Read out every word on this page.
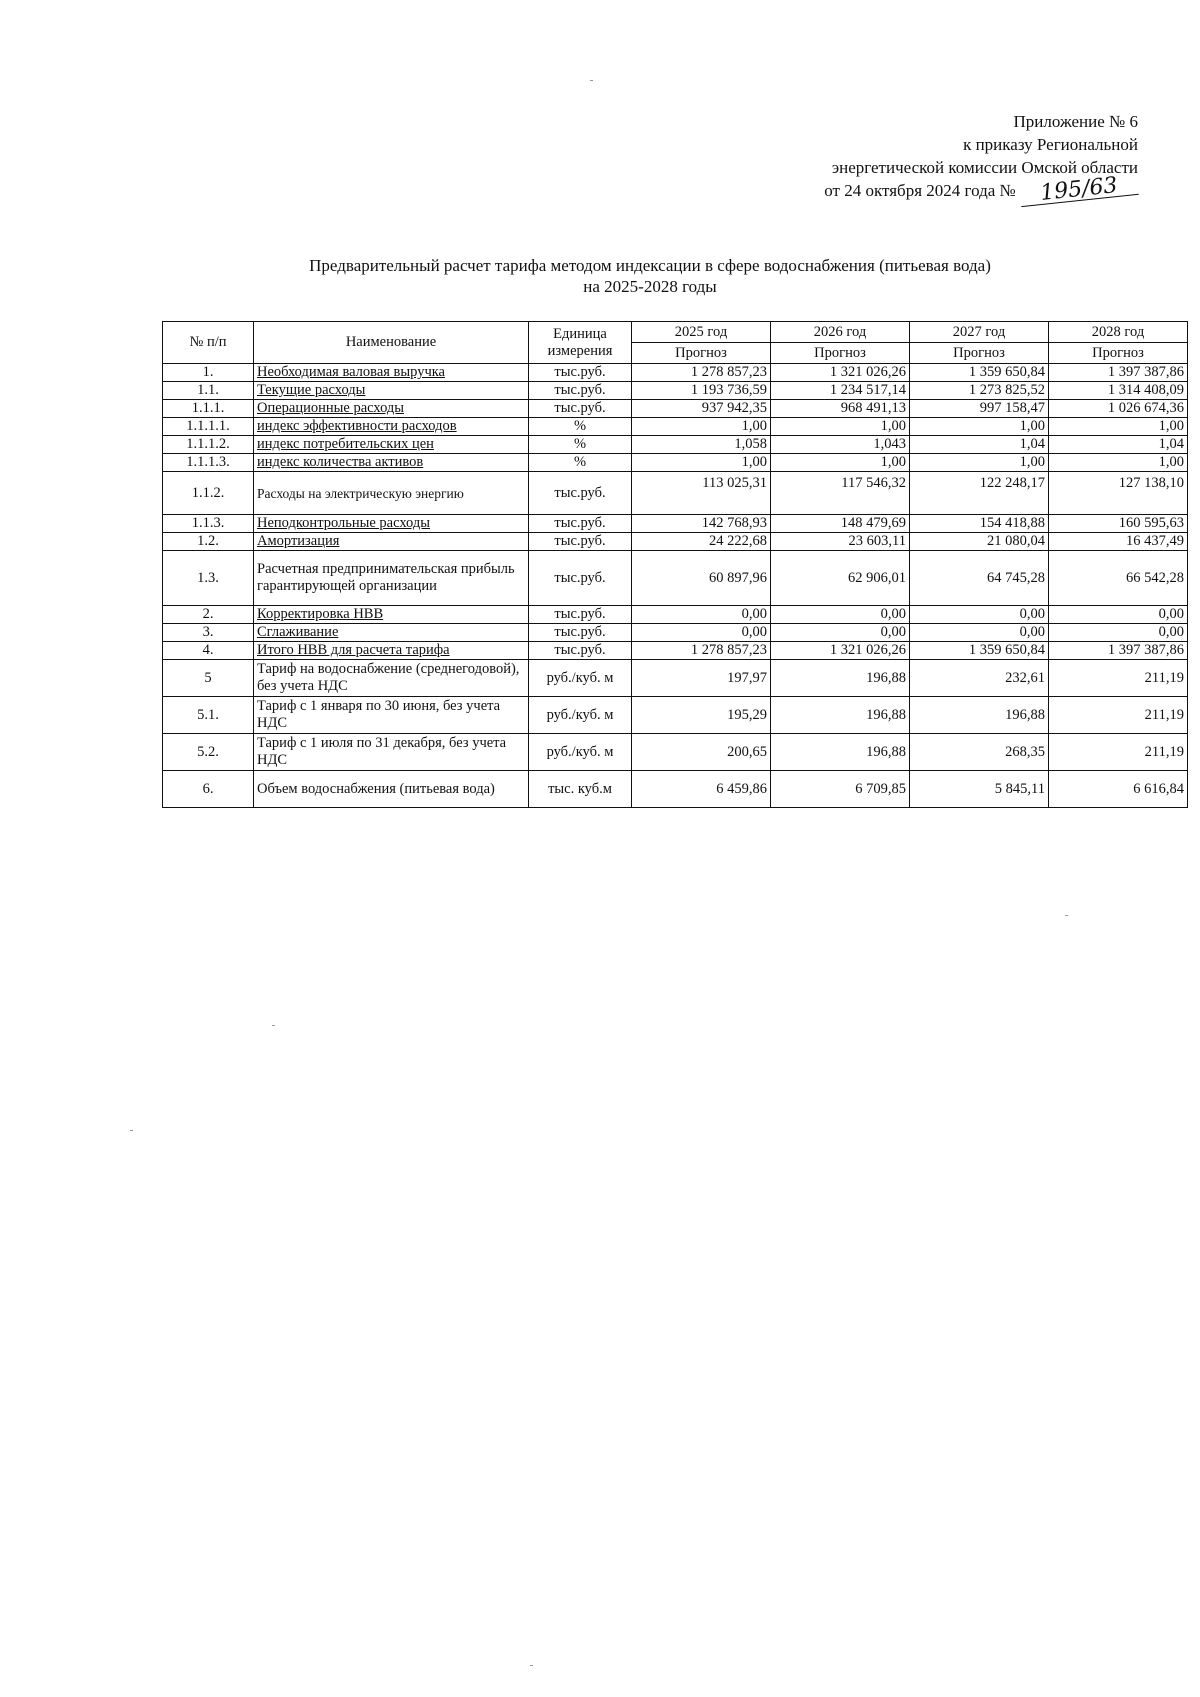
Приложение № 6
к приказу Региональной
энергетической комиссии Омской области
от 24 октября 2024 года № 195/63
Предварительный расчет тарифа методом индексации в сфере водоснабжения (питьевая вода)
на 2025-2028 годы
№ п/п	Наименование	Единица измерения	2025 год	2026 год	2027 год	2028 год
			Прогноз	Прогноз	Прогноз	Прогноз
1.	Необходимая валовая выручка	тыс.руб.	1 278 857,23	1 321 026,26	1 359 650,84	1 397 387,86
1.1.	Текущие расходы	тыс.руб.	1 193 736,59	1 234 517,14	1 273 825,52	1 314 408,09
1.1.1.	Операционные расходы	тыс.руб.	937 942,35	968 491,13	997 158,47	1 026 674,36
1.1.1.1.	индекс эффективности расходов	%	1,00	1,00	1,00	1,00
1.1.1.2.	индекс потребительских цен	%	1,058	1,043	1,04	1,04
1.1.1.3.	индекс количества активов	%	1,00	1,00	1,00	1,00
1.1.2.	Расходы на электрическую энергию	тыс.руб.	113 025,31	117 546,32	122 248,17	127 138,10
1.1.3.	Неподконтрольные расходы	тыс.руб.	142 768,93	148 479,69	154 418,88	160 595,63
1.2.	Амортизация	тыс.руб.	24 222,68	23 603,11	21 080,04	16 437,49
1.3.	Расчетная предпринимательская прибыль гарантирующей организации	тыс.руб.	60 897,96	62 906,01	64 745,28	66 542,28
2.	Корректировка НВВ	тыс.руб.	0,00	0,00	0,00	0,00
3.	Сглаживание	тыс.руб.	0,00	0,00	0,00	0,00
4.	Итого НВВ для расчета тарифа	тыс.руб.	1 278 857,23	1 321 026,26	1 359 650,84	1 397 387,86
5	Тариф на водоснабжение (среднегодовой), без учета НДС	руб./куб. м	197,97	196,88	232,61	211,19
5.1.	Тариф с 1 января по 30 июня, без учета НДС	руб./куб. м	195,29	196,88	196,88	211,19
5.2.	Тариф с 1 июля по 31 декабря, без учета НДС	руб./куб. м	200,65	196,88	268,35	211,19
6.	Объем водоснабжения (питьевая вода)	тыс. куб.м	6 459,86	6 709,85	5 845,11	6 616,84
